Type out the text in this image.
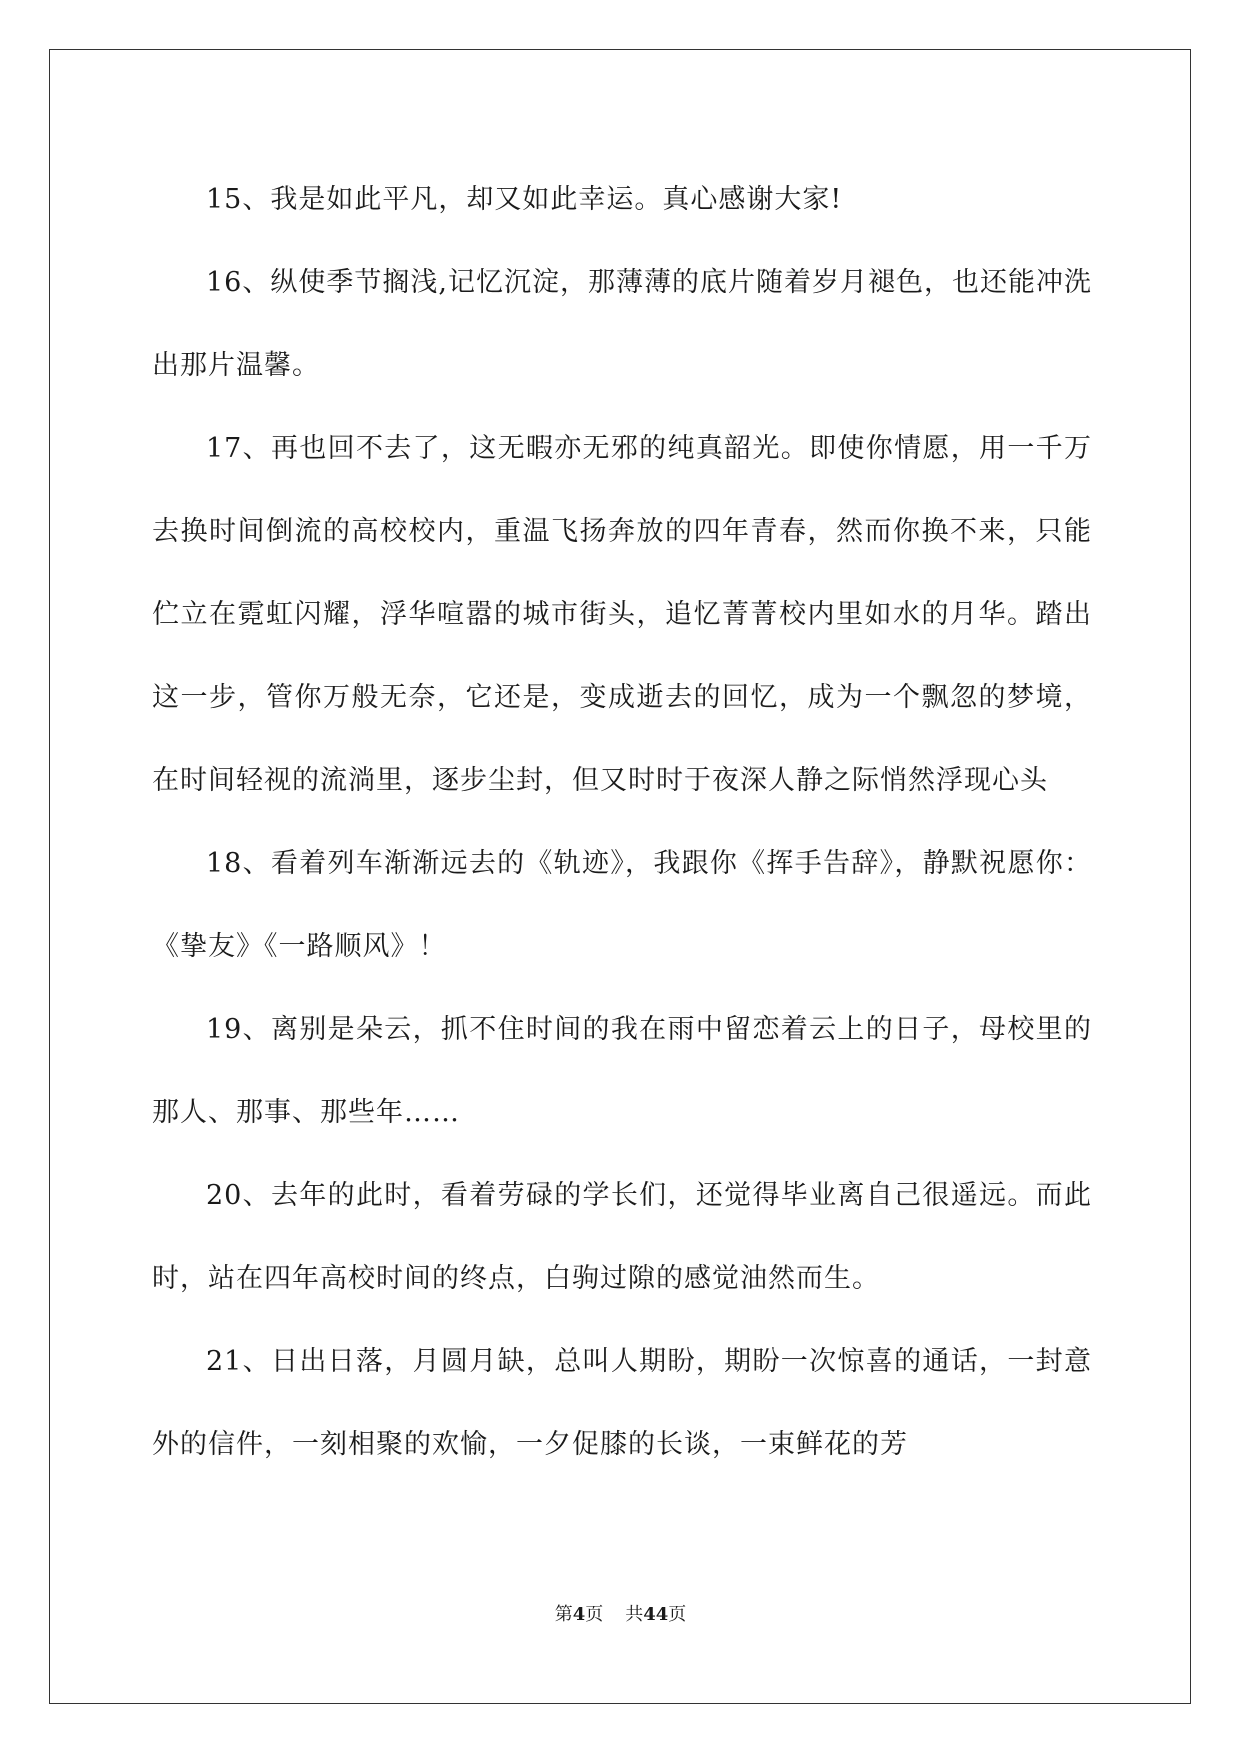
15、我是如此平凡，却又如此幸运。真心感谢大家!

16、纵使季节搁浅,记忆沉淀，那薄薄的底片随着岁月褪色，也还能冲洗出那片温馨。

17、再也回不去了，这无暇亦无邪的纯真韶光。即使你情愿，用一千万去换时间倒流的高校校内，重温飞扬奔放的四年青春，然而你换不来，只能伫立在霓虹闪耀，浮华喧嚣的城市街头，追忆菁菁校内里如水的月华。踏出这一步，管你万般无奈，它还是，变成逝去的回忆，成为一个飘忽的梦境，在时间轻视的流淌里，逐步尘封，但又时时于夜深人静之际悄然浮现心头

18、看着列车渐渐远去的《轨迹》，我跟你《挥手告辞》，静默祝愿你：《挚友》《一路顺风》！

19、离别是朵云，抓不住时间的我在雨中留恋着云上的日子，母校里的那人、那事、那些年……

20、去年的此时，看着劳碌的学长们，还觉得毕业离自己很遥远。而此时，站在四年高校时间的终点，白驹过隙的感觉油然而生。

21、日出日落，月圆月缺，总叫人期盼，期盼一次惊喜的通话，一封意外的信件，一刻相聚的欢愉，一夕促膝的长谈，一束鲜花的芳

第4页 共44页
